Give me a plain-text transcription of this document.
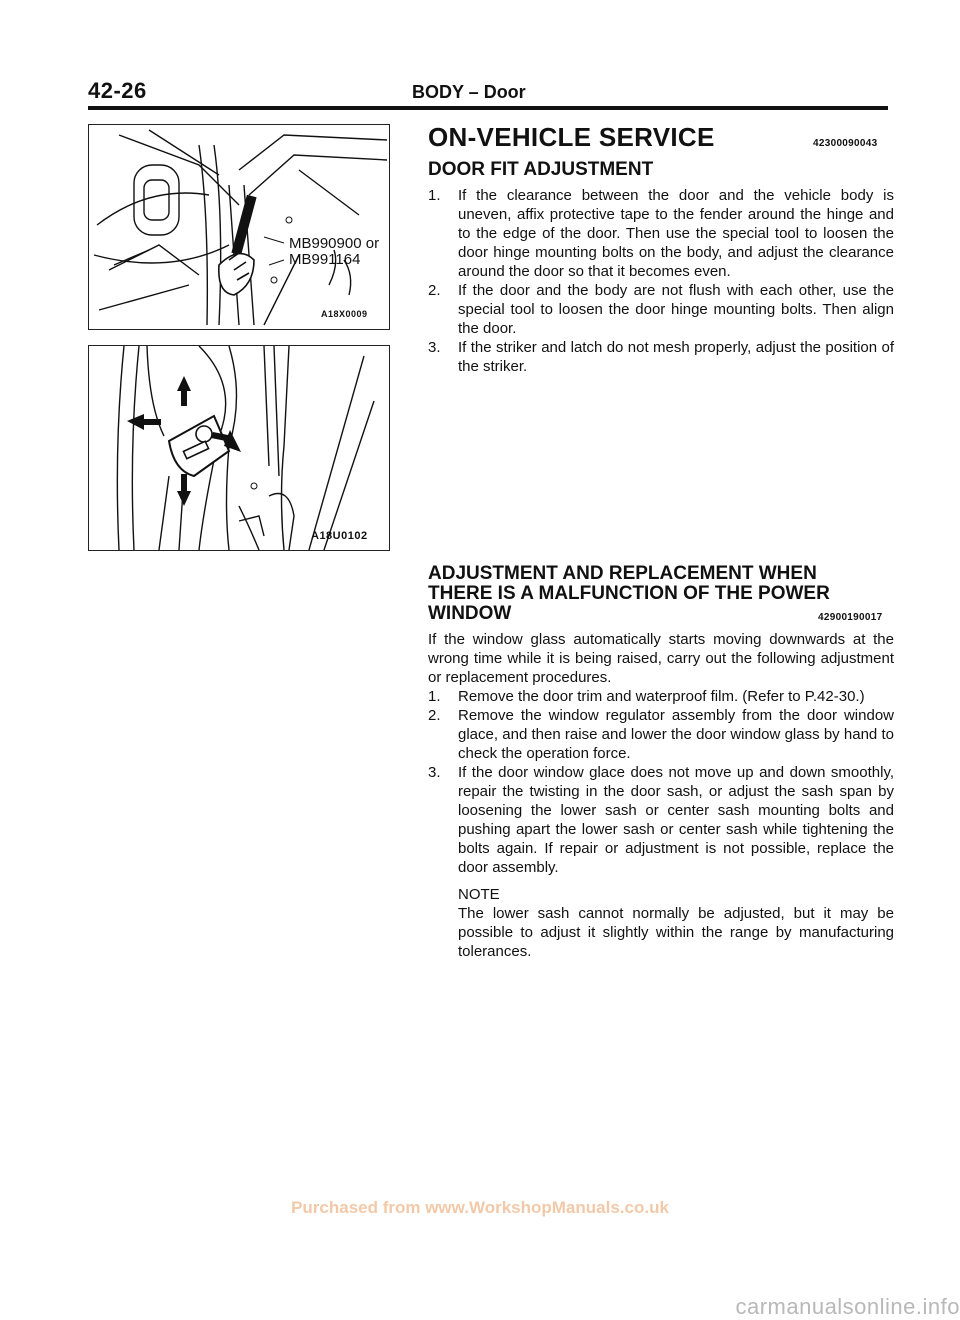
42-26	BODY – Door
MB990900 or
MB991164
A18X0009
A18U0102
ON-VEHICLE SERVICE	42300090043
DOOR FIT ADJUSTMENT
1. If the clearance between the door and the vehicle body is uneven, affix protective tape to the fender around the hinge and to the edge of the door. Then use the special tool to loosen the door hinge mounting bolts on the body, and adjust the clearance around the door so that it becomes even.
2. If the door and the body are not flush with each other, use the special tool to loosen the door hinge mounting bolts. Then align the door.
3. If the striker and latch do not mesh properly, adjust the position of the striker.
ADJUSTMENT AND REPLACEMENT WHEN
THERE IS A MALFUNCTION OF THE POWER
WINDOW	42900190017

If the window glass automatically starts moving downwards at the wrong time while it is being raised, carry out the following adjustment or replacement procedures.

1. Remove the door trim and waterproof film. (Refer to P.42-30.)
2. Remove the window regulator assembly from the door window glace, and then raise and lower the door window glass by hand to check the operation force.
3. If the door window glace does not move up and down smoothly, repair the twisting in the door sash, or adjust the sash span by loosening the lower sash or center sash mounting bolts and pushing apart the lower sash or center sash while tightening the bolts again. If repair or adjustment is not possible, replace the door assembly.

NOTE

The lower sash cannot normally be adjusted, but it may be possible to adjust it slightly within the range by manufacturing tolerances.

Purchased from www.WorkshopManuals.co.uk
carmanualsonline.info
